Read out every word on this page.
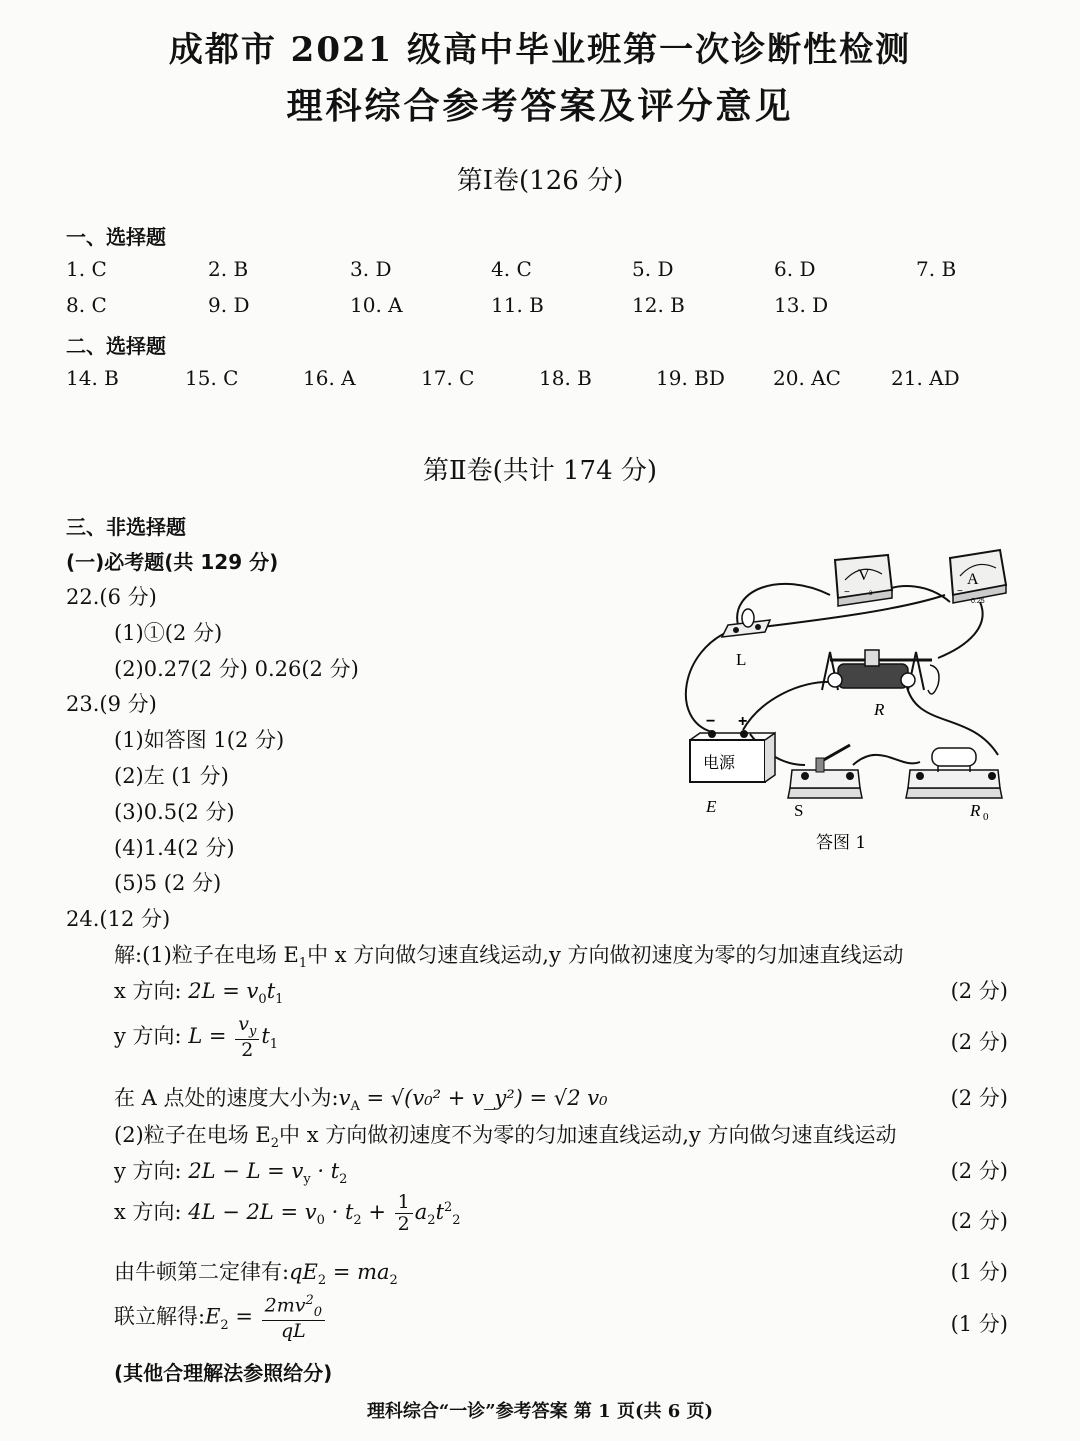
成都市 2021 级高中毕业班第一次诊断性检测
理科综合参考答案及评分意见
第Ⅰ卷(126 分)
一、选择题
1. C	2. B	3. D	4. C	5. D	6. D	7. B
8. C	9. D	10. A	11. B	12. B	13. D
二、选择题
14. B	15. C	16. A	17. C	18. B	19. BD 20. AC	21. AD
第Ⅱ卷(共计 174 分)
三、非选择题
(一)必考题(共 129 分)
22.(6 分)
(1)①(2 分)
(2)0.27(2 分) 0.26(2 分)
23.(9 分)
(1)如答图 1(2 分)
(2)左 (1 分)
(3)0.5(2 分)
(4)1.4(2 分)
(5)5 (2 分)
V
−	3
A
−
0.25
L
R
− +
电源
E	S	R 0
答图 1
24.(12 分)
解:(1)粒子在电场 $E_1$中 x 方向做匀速直线运动,y 方向做初速度为零的匀加速直线运动
x 方向: $2L = v_0t_1$	(2 分)
y 方向: $L = \frac{v_y}{2} t_1$	(2 分)
在 A 点处的速度大小为$:v_A = √(v_0^2$ + v_y²) = √2 v₀	(2 分)
(2)粒子在电场 $E_2$中 x 方向做初速度不为零的匀加速直线运动,y 方向做匀速直线运动
y 方向: $2L - L = v_y \cdot t_2$	(2 分)
x 方向: $4L - 2L = v_0 \cdot t_2 + \frac{1}{2} a_2t^2_2$	(2 分)
由牛顿第二定律有$:qE_2 = ma_2$	(1 分)
联立解得$:E_2 = \frac{2mv^2_0}{qL}$	(1 分)
(其他合理解法参照给分)
理科综合“一诊”参考答案 第 1 页(共 6 页)
